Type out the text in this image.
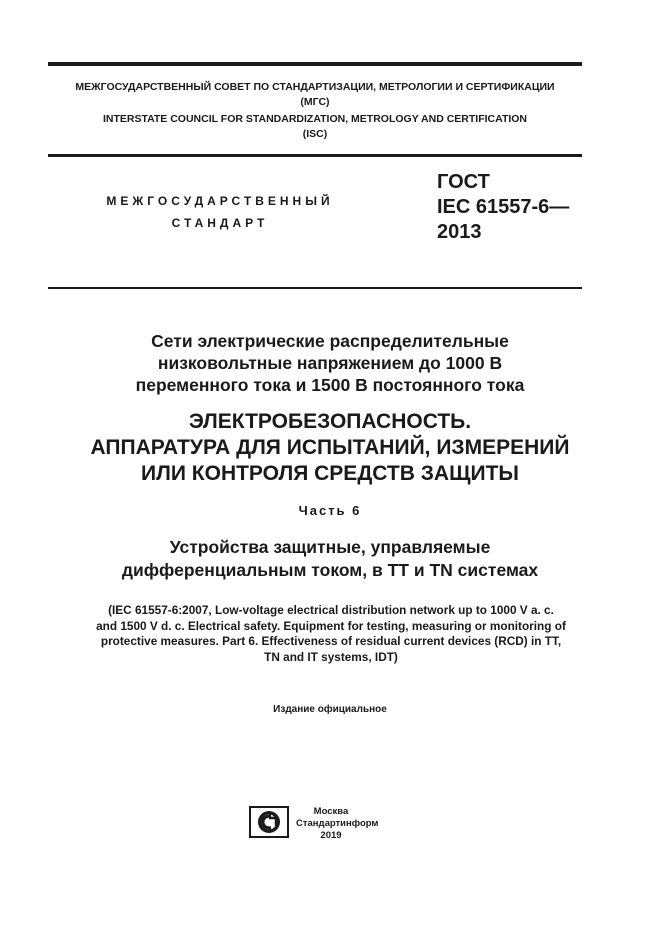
МЕЖГОСУДАРСТВЕННЫЙ СОВЕТ ПО СТАНДАРТИЗАЦИИ, МЕТРОЛОГИИ И СЕРТИФИКАЦИИ
(МГС)
INTERSTATE COUNCIL FOR STANDARDIZATION, METROLOGY AND CERTIFICATION
(ISC)
МЕЖГОСУДАРСТВЕННЫЙ
СТАНДАРТ
ГОСТ
IEC 61557-6—
2013
Сети электрические распределительные
низковольтные напряжением до 1000 В
переменного тока и 1500 В постоянного тока
ЭЛЕКТРОБЕЗОПАСНОСТЬ.
АППАРАТУРА ДЛЯ ИСПЫТАНИЙ, ИЗМЕРЕНИЙ
ИЛИ КОНТРОЛЯ СРЕДСТВ ЗАЩИТЫ
Часть 6
Устройства защитные, управляемые
дифференциальным током, в TT и TN системах
(IEC 61557-6:2007, Low-voltage electrical distribution network up to 1000 V a. c.
and 1500 V d. c. Electrical safety. Equipment for testing, measuring or monitoring of
protective measures. Part 6. Effectiveness of residual current devices (RCD) in TT,
TN and IT systems, IDT)
Издание официальное
Москва
Стандартинформ
2019
